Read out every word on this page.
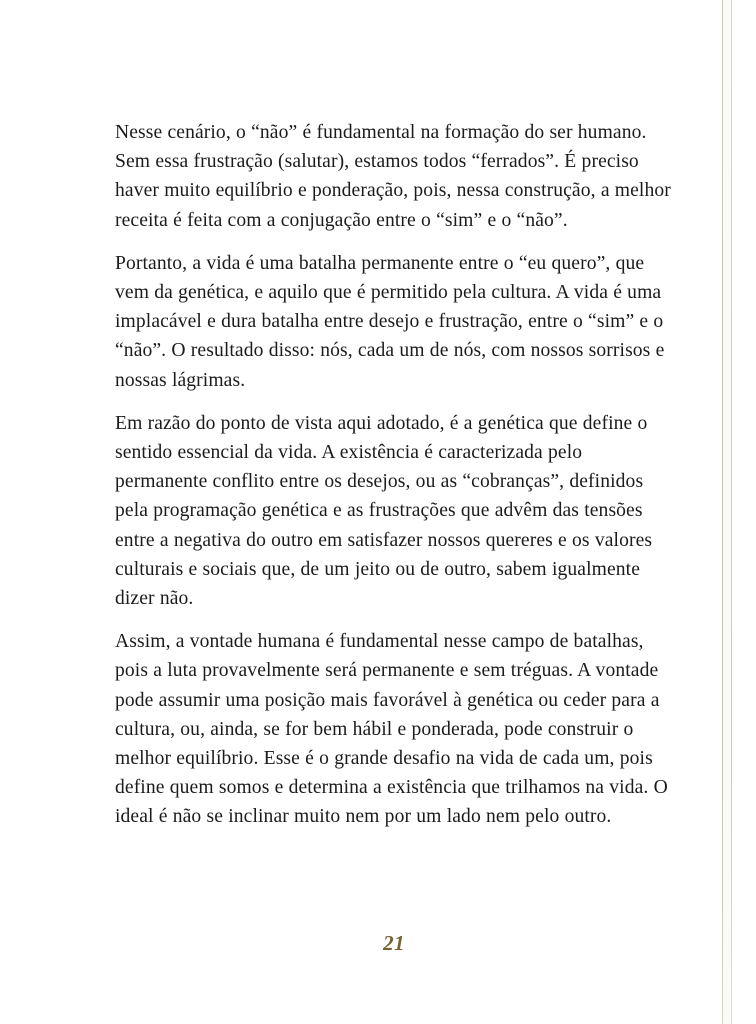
Nesse cenário, o “não” é fundamental na formação do ser humano. Sem essa frustração (salutar), estamos todos “ferrados”. É preciso haver muito equilíbrio e ponderação, pois, nessa construção, a melhor receita é feita com a conjugação entre o “sim” e o “não”.

Portanto, a vida é uma batalha permanente entre o “eu quero”, que vem da genética, e aquilo que é permitido pela cultura. A vida é uma implacável e dura batalha entre desejo e frustração, entre o “sim” e o “não”. O resultado disso: nós, cada um de nós, com nossos sorrisos e nossas lágrimas.

Em razão do ponto de vista aqui adotado, é a genética que define o sentido essencial da vida. A existência é caracterizada pelo permanente conflito entre os desejos, ou as “cobranças”, definidos pela programação genética e as frustrações que advêm das tensões entre a negativa do outro em satisfazer nossos quereres e os valores culturais e sociais que, de um jeito ou de outro, sabem igualmente dizer não.

Assim, a vontade humana é fundamental nesse campo de batalhas, pois a luta provavelmente será permanente e sem tréguas. A vontade pode assumir uma posição mais favorável à genética ou ceder para a cultura, ou, ainda, se for bem hábil e ponderada, pode construir o melhor equilíbrio. Esse é o grande desafio na vida de cada um, pois define quem somos e determina a existência que trilhamos na vida. O ideal é não se inclinar muito nem por um lado nem pelo outro.

21
